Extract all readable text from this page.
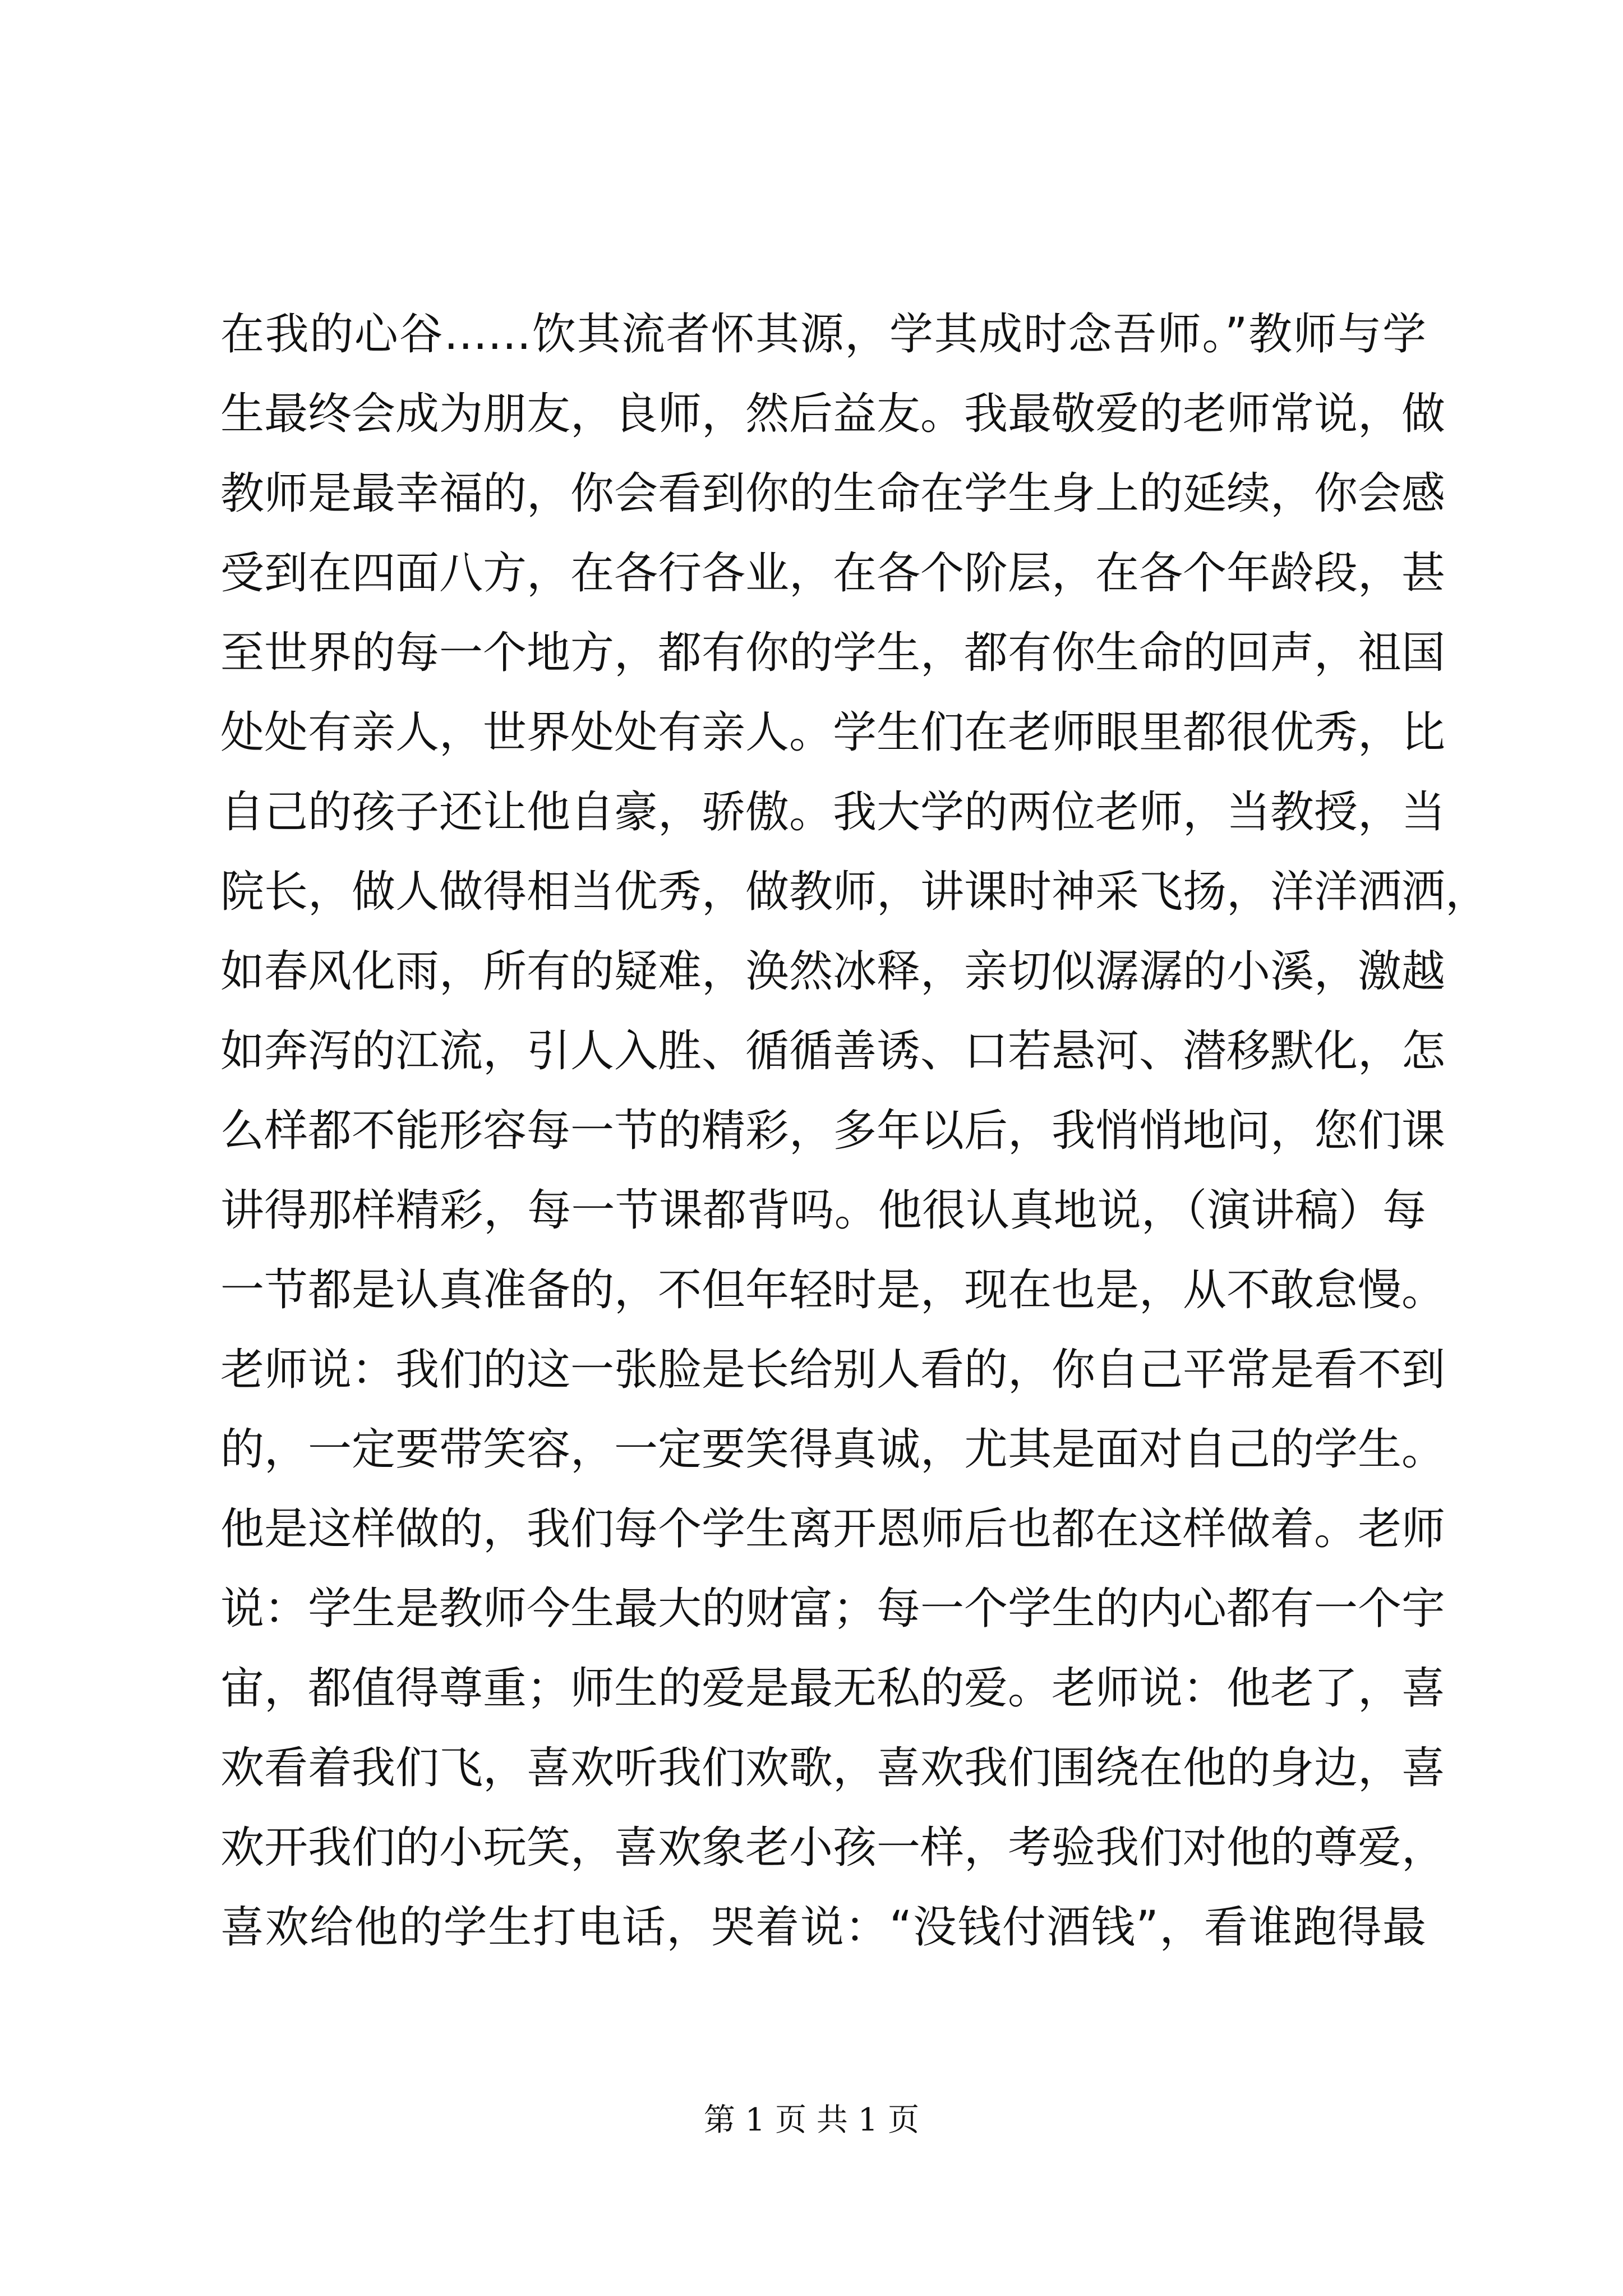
在我的心谷……饮其流者怀其源，学其成时念吾师。”教师与学
生最终会成为朋友，良师，然后益友。我最敬爱的老师常说，做
教师是最幸福的，你会看到你的生命在学生身上的延续，你会感
受到在四面八方，在各行各业，在各个阶层，在各个年龄段，甚
至世界的每一个地方，都有你的学生，都有你生命的回声，祖国
处处有亲人，世界处处有亲人。学生们在老师眼里都很优秀，比
自己的孩子还让他自豪，骄傲。我大学的两位老师，当教授，当
院长，做人做得相当优秀，做教师，讲课时神采飞扬，洋洋洒洒，
如春风化雨，所有的疑难，涣然冰释，亲切似潺潺的小溪，激越
如奔泻的江流，引人入胜、循循善诱、口若悬河、潜移默化，怎
么样都不能形容每一节的精彩，多年以后，我悄悄地问，您们课
讲得那样精彩，每一节课都背吗。他很认真地说，（演讲稿）每
一节都是认真准备的，不但年轻时是，现在也是，从不敢怠慢。
老师说：我们的这一张脸是长给别人看的，你自己平常是看不到
的，一定要带笑容，一定要笑得真诚，尤其是面对自己的学生。
他是这样做的，我们每个学生离开恩师后也都在这样做着。老师
说：学生是教师今生最大的财富；每一个学生的内心都有一个宇
宙，都值得尊重；师生的爱是最无私的爱。老师说：他老了，喜
欢看着我们飞，喜欢听我们欢歌，喜欢我们围绕在他的身边，喜
欢开我们的小玩笑，喜欢象老小孩一样，考验我们对他的尊爱，
喜欢给他的学生打电话，哭着说：“没钱付酒钱”，看谁跑得最
第 1 页 共 1 页
